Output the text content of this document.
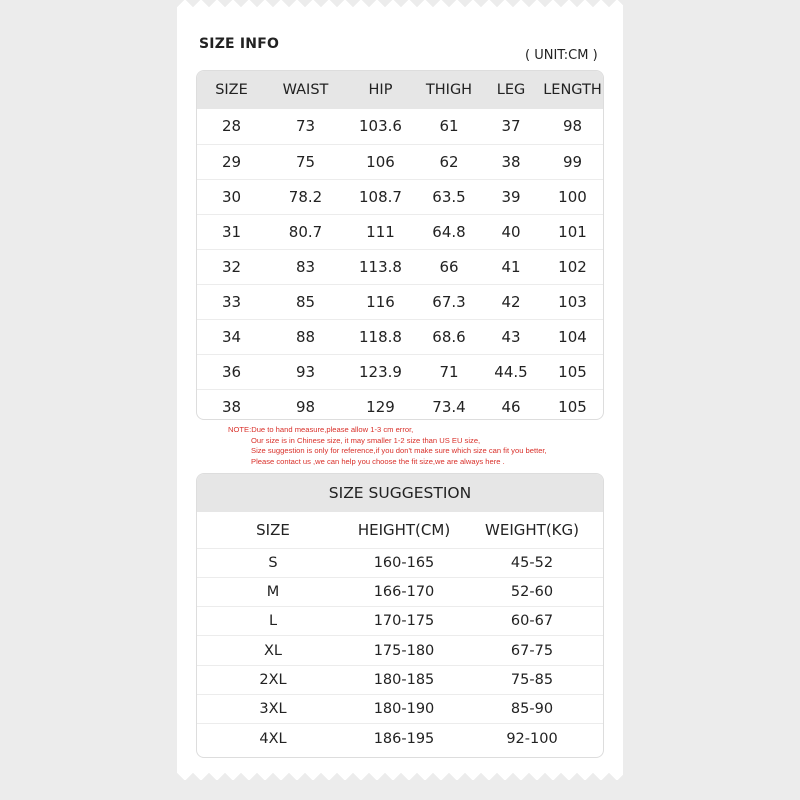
SIZE INFO
( UNIT:CM )
SIZE	WAIST	HIP	THIGH	LEG	LENGTH
28	73	103.6	61	37	98
29	75	106	62	38	99
30	78.2	108.7	63.5	39	100
31	80.7	111	64.8	40	101
32	83	113.8	66	41	102
33	85	116	67.3	42	103
34	88	118.8	68.6	43	104
36	93	123.9	71	44.5	105
38	98	129	73.4	46	105
NOTE:Due to hand measure,please allow 1-3 cm error,
Our size is in Chinese size, it may smaller 1-2 size than US EU size,
Size suggestion is only for reference,if you don't make sure which size can fit you better,
Please contact us ,we can help you choose the fit size,we are always here .
SIZE SUGGESTION
SIZE	HEIGHT(CM)	WEIGHT(KG)
S	160-165	45-52
M	166-170	52-60
L	170-175	60-67
XL	175-180	67-75
2XL	180-185	75-85
3XL	180-190	85-90
4XL	186-195	92-100
